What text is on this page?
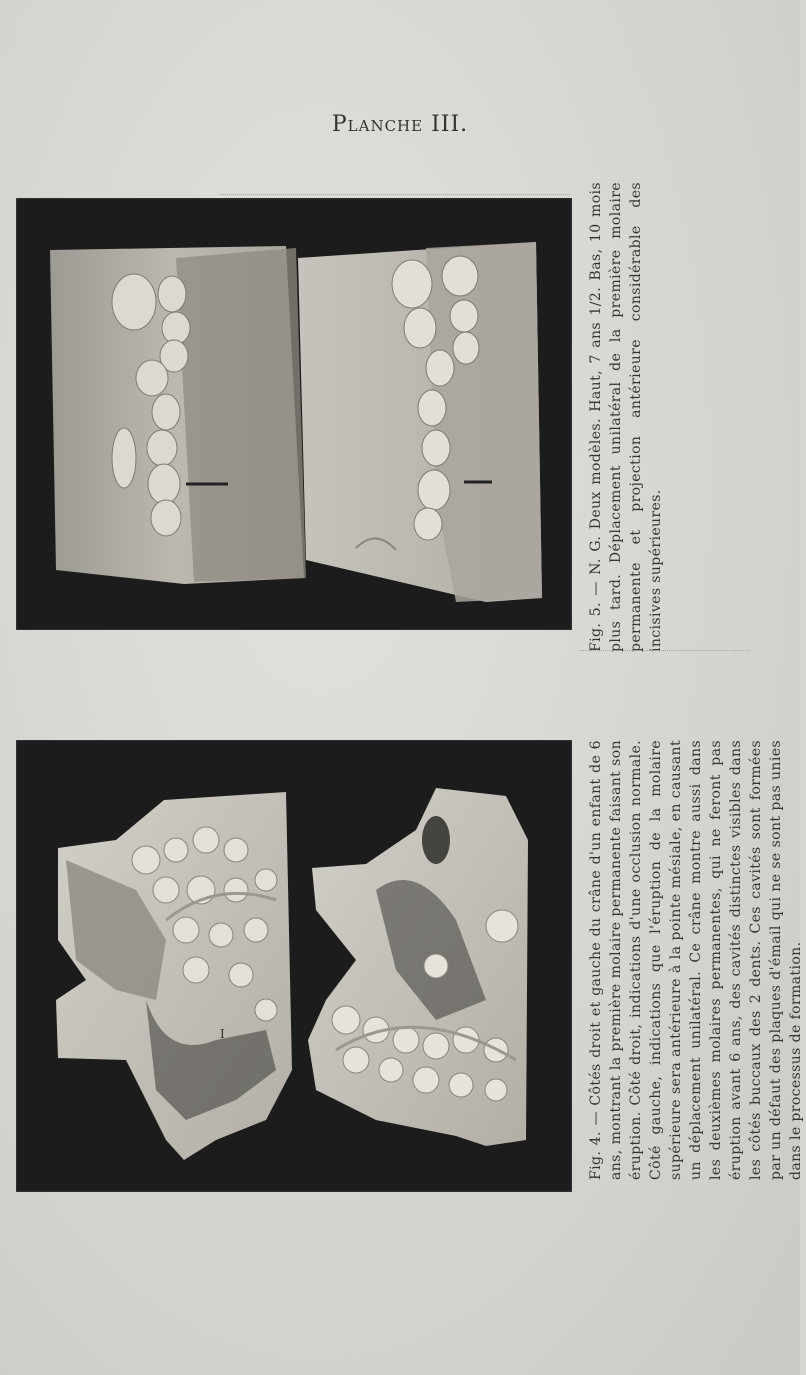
Planche III.
Fig. 5. — N. G. Deux modèles. Haut, 7 ans 1/2. Bas, 10 mois plus tard. Déplacement unilatéral de la première molaire permanente et projection antérieure considérable des incisives supérieures.
I	Fig. 4. — Côtés droit et gauche du crâne d'un enfant de 6 ans, montrant la première molaire permanente faisant son éruption. Côté droit, indications d'une occlusion normale. Côté gauche, indications que l'éruption de la molaire supérieure sera antérieure à la pointe mésiale, en causant un déplacement unilatéral. Ce crâne montre aussi dans les deuxièmes molaires permanentes, qui ne feront pas éruption avant 6 ans, des cavités distinctes visibles dans les côtés buccaux des 2 dents. Ces cavités sont formées par un défaut des plaques d'émail qui ne se sont pas unies dans le processus de formation.
